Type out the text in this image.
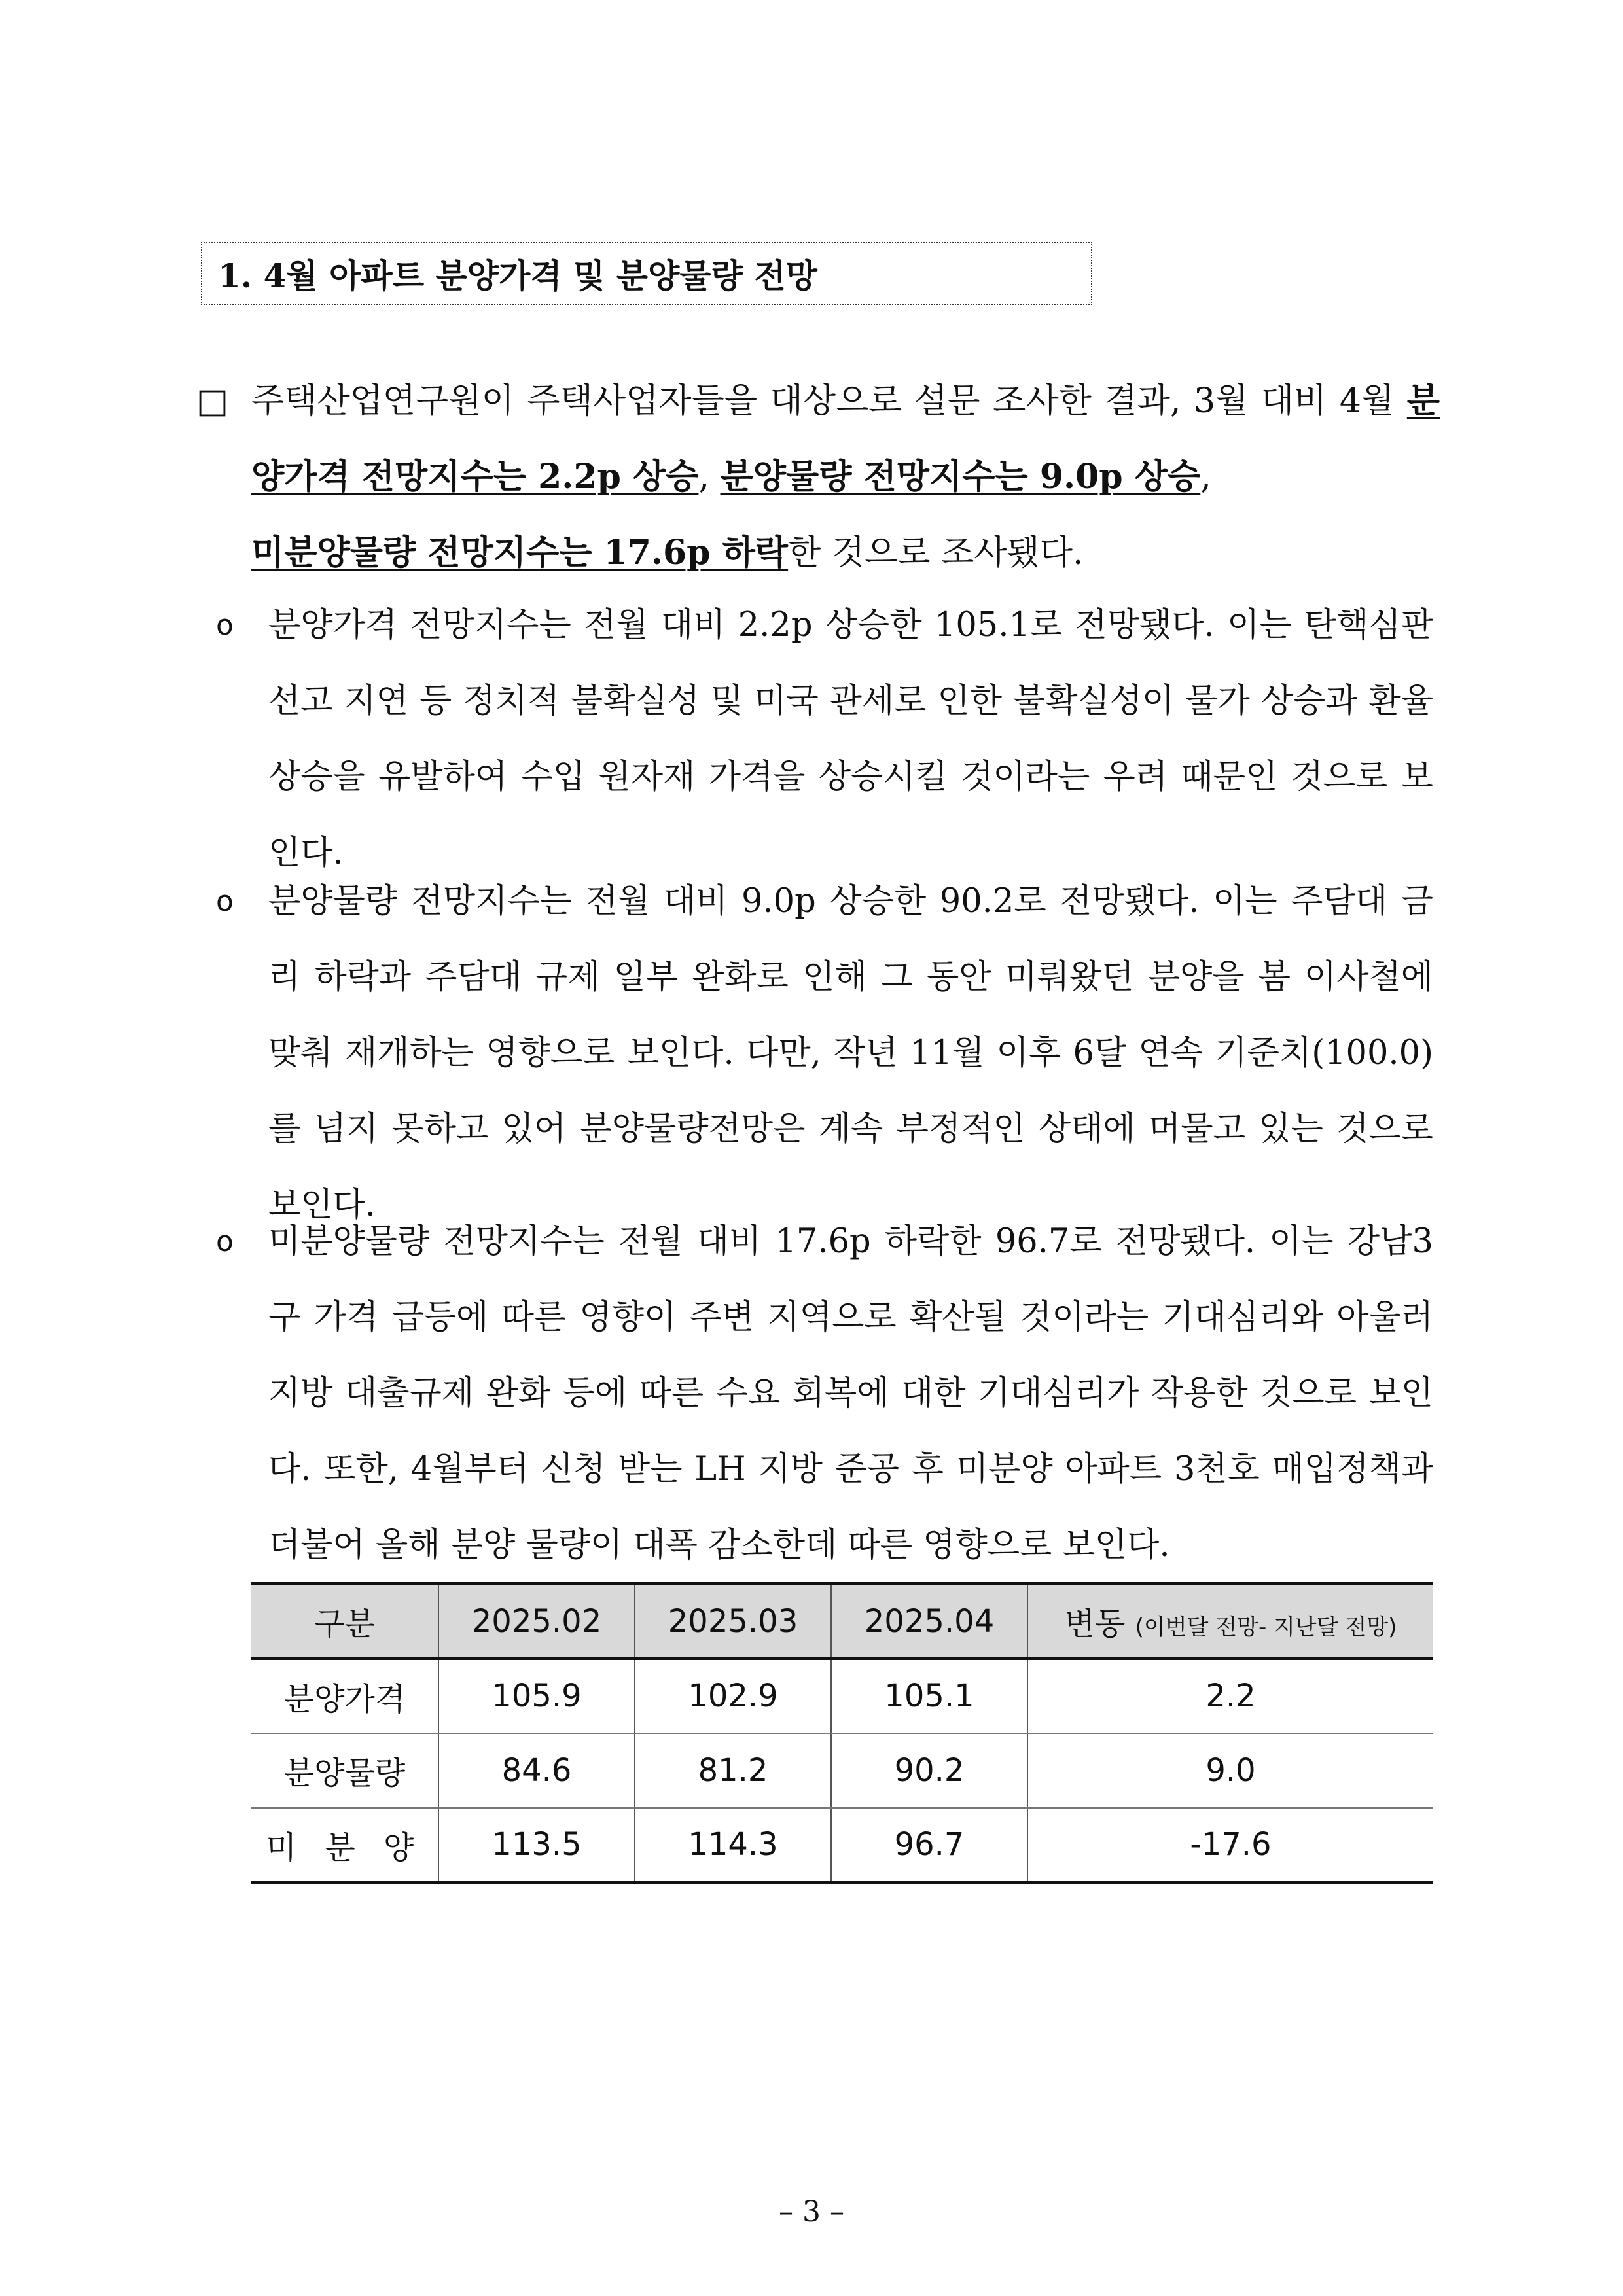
1. 4월 아파트 분양가격 및 분양물량 전망
□ 주택산업연구원이 주택사업자들을 대상으로 설문 조사한 결과, 3월 대비 4월 분양가격 전망지수는 2.2p 상승, 분양물량 전망지수는 9.0p 상승,
미분양물량 전망지수는 17.6p 하락한 것으로 조사됐다.
o	분양가격 전망지수는 전월 대비 2.2p 상승한 105.1로 전망됐다. 이는 탄핵심판 선고 지연 등 정치적 불확실성 및 미국 관세로 인한 불확실성이 물가 상승과 환율 상승을 유발하여 수입 원자재 가격을 상승시킬 것이라는 우려 때문인 것으로 보인다.
o	분양물량 전망지수는 전월 대비 9.0p 상승한 90.2로 전망됐다. 이는 주담대 금리 하락과 주담대 규제 일부 완화로 인해 그 동안 미뤄왔던 분양을 봄 이사철에 맞춰 재개하는 영향으로 보인다. 다만, 작년 11월 이후 6달 연속 기준치(100.0)를 넘지 못하고 있어 분양물량전망은 계속 부정적인 상태에 머물고 있는 것으로 보인다.
o	미분양물량 전망지수는 전월 대비 17.6p 하락한 96.7로 전망됐다. 이는 강남3구 가격 급등에 따른 영향이 주변 지역으로 확산될 것이라는 기대심리와 아울러 지방 대출규제 완화 등에 따른 수요 회복에 대한 기대심리가 작용한 것으로 보인다. 또한, 4월부터 신청 받는 LH 지방 준공 후 미분양 아파트 3천호 매입정책과 더불어 올해 분양 물량이 대폭 감소한데 따른 영향으로 보인다.
구분	2025.02	2025.03	2025.04	변동 (이번달 전망- 지난달 전망)
분양가격	105.9	102.9	105.1	2.2
분양물량	84.6	81.2	90.2	9.0
미 분 양	113.5	114.3	96.7	-17.6
– 3 –
